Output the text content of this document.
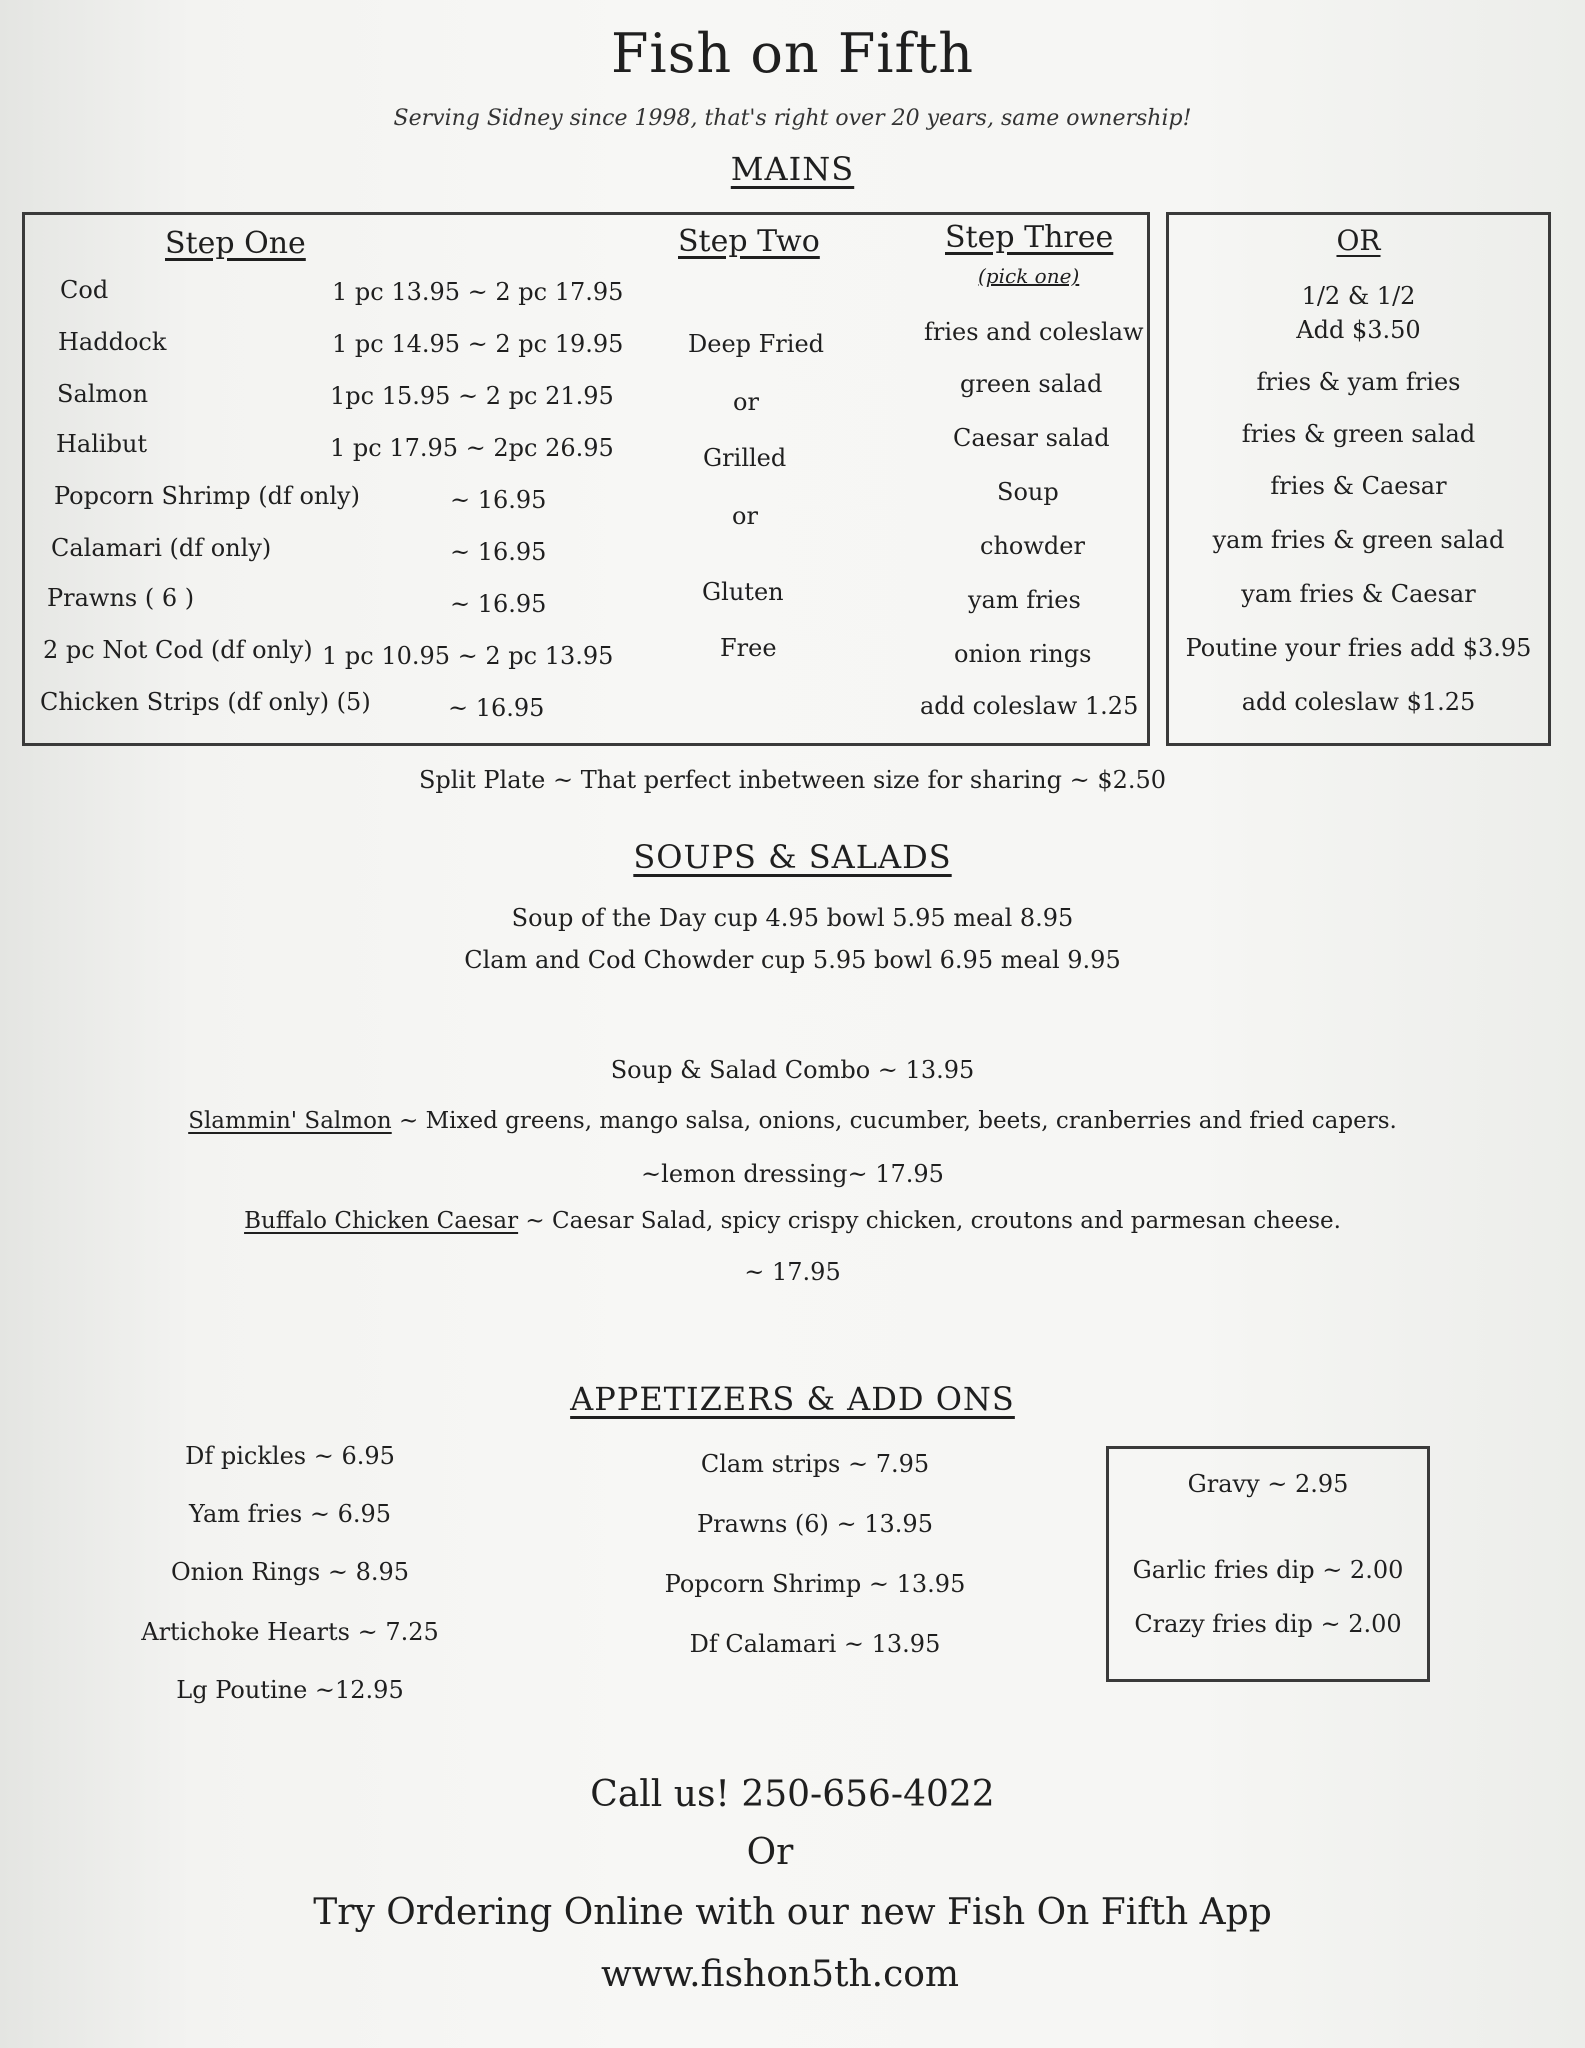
Fish on Fifth
Serving Sidney since 1998, that's right over 20 years, same ownership!
MAINS
Step One	Step Two	Step Three
(pick one)
Cod	1 pc 13.95 ~ 2 pc 17.95
Haddock	1 pc 14.95 ~ 2 pc 19.95
Salmon	1pc 15.95 ~ 2 pc 21.95
Halibut	1 pc 17.95 ~ 2pc 26.95
Popcorn Shrimp (df only)	~ 16.95
Calamari (df only)	~ 16.95
Prawns ( 6 )	~ 16.95
2 pc Not Cod (df only) 1 pc 10.95 ~ 2 pc 13.95
Chicken Strips (df only) (5)	~ 16.95
Deep Fried
or
Grilled
or
Gluten
Free
fries and coleslaw
green salad
Caesar salad
Soup
chowder
yam fries
onion rings
add coleslaw 1.25
OR
1/2 & 1/2
Add $3.50
fries & yam fries
fries & green salad
fries & Caesar
yam fries & green salad
yam fries & Caesar
Poutine your fries add $3.95
add coleslaw $1.25
Split Plate ~ That perfect inbetween size for sharing ~ $2.50
SOUPS & SALADS
Soup of the Day cup 4.95 bowl 5.95 meal 8.95
Clam and Cod Chowder cup 5.95 bowl 6.95 meal 9.95
Soup & Salad Combo ~ 13.95
Slammin' Salmon ~ Mixed greens, mango salsa, onions, cucumber, beets, cranberries and fried capers.
~lemon dressing~ 17.95
Buffalo Chicken Caesar ~ Caesar Salad, spicy crispy chicken, croutons and parmesan cheese.
~ 17.95
APPETIZERS & ADD ONS
Df pickles ~ 6.95
Yam fries ~ 6.95
Onion Rings ~ 8.95
Artichoke Hearts ~ 7.25
Lg Poutine ~12.95
Clam strips ~ 7.95
Prawns (6) ~ 13.95
Popcorn Shrimp ~ 13.95
Df Calamari ~ 13.95
Gravy ~ 2.95
Garlic fries dip ~ 2.00
Crazy fries dip ~ 2.00
Call us! 250-656-4022
Or
Try Ordering Online with our new Fish On Fifth App
www.fishon5th.com
